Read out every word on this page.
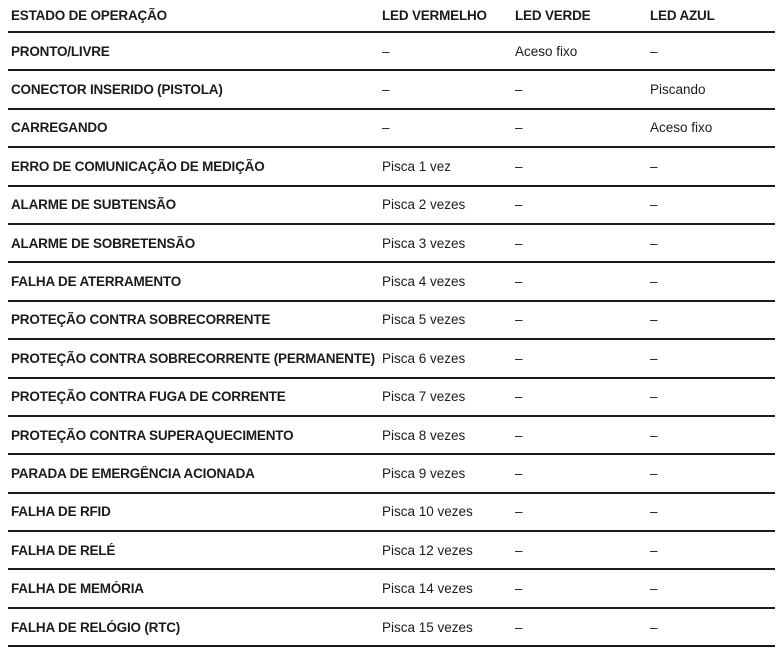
ESTADO DE OPERAÇÃO	LED VERMELHO	LED VERDE	LED AZUL
PRONTO/LIVRE	–	Aceso fixo	–
CONECTOR INSERIDO (PISTOLA)	–	–	Piscando
CARREGANDO	–	–	Aceso fixo
ERRO DE COMUNICAÇÃO DE MEDIÇÃO	Pisca 1 vez	–	–
ALARME DE SUBTENSÃO	Pisca 2 vezes	–	–
ALARME DE SOBRETENSÃO	Pisca 3 vezes	–	–
FALHA DE ATERRAMENTO	Pisca 4 vezes	–	–
PROTEÇÃO CONTRA SOBRECORRENTE	Pisca 5 vezes	–	–
PROTEÇÃO CONTRA SOBRECORRENTE (PERMANENTE) Pisca 6 vezes	–	–
PROTEÇÃO CONTRA FUGA DE CORRENTE	Pisca 7 vezes	–	–
PROTEÇÃO CONTRA SUPERAQUECIMENTO	Pisca 8 vezes	–	–
PARADA DE EMERGÊNCIA ACIONADA	Pisca 9 vezes	–	–
FALHA DE RFID	Pisca 10 vezes	–	–
FALHA DE RELÉ	Pisca 12 vezes	–	–
FALHA DE MEMÓRIA	Pisca 14 vezes	–	–
FALHA DE RELÓGIO (RTC)	Pisca 15 vezes	–	–
